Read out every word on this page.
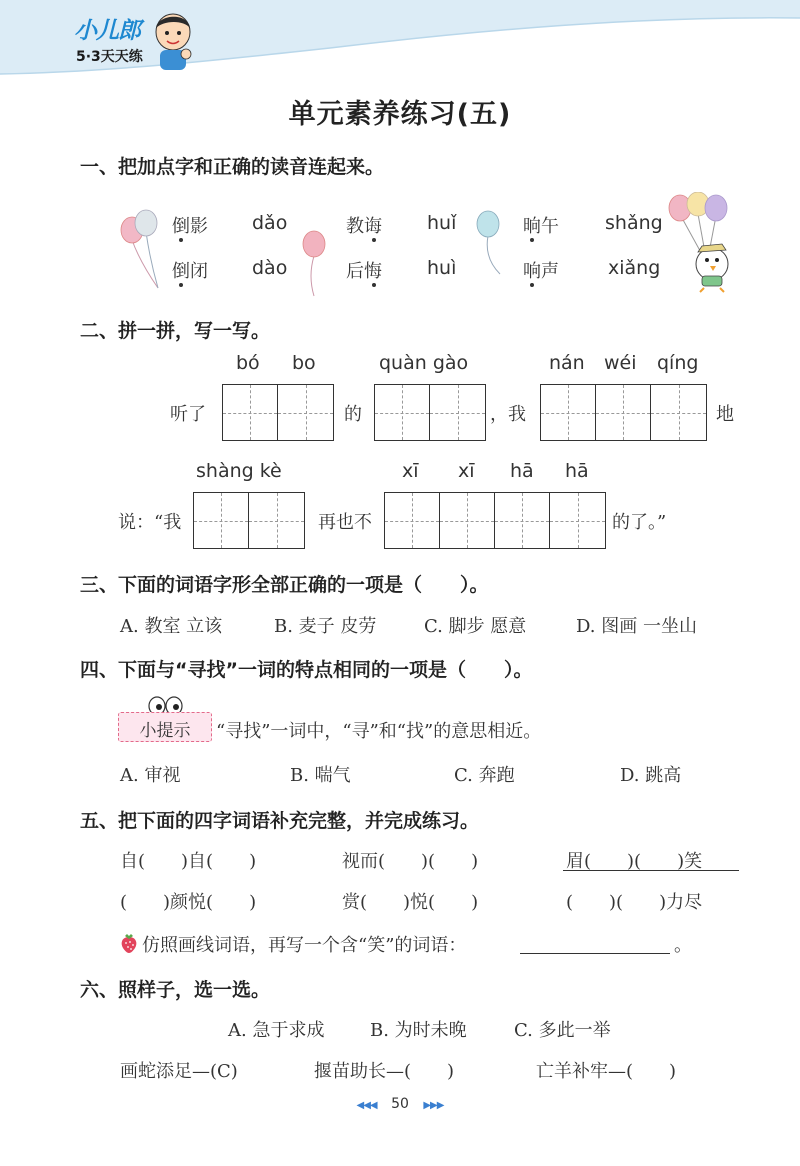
小儿郎
5·3天天练
单元素养练习(五)
一、把加点字和正确的读音连起来。
倒影
倒闭
dǎo
dào
教诲
后悔
huǐ
huì
晌午
响声
shǎng
xiǎng
二、拼一拼，写一写。
bó bo	quàn gào	nán wéi qíng
听了	的	，我	地
shàng kè	xī xī hā hā
说：“我	再也不	的了。”
三、下面的词语字形全部正确的一项是（　　）。
A. 教室 立该	B. 麦子 皮劳	C. 脚步 愿意	D. 图画 一坐山
四、下面与“寻找”一词的特点相同的一项是（　　）。
小提示	“寻找”一词中，“寻”和“找”的意思相近。
A. 审视	B. 喘气	C. 奔跑	D. 跳高
五、把下面的四字词语补充完整，并完成练习。
自(　　)自(　　)	视而(　　)(　　)	眉(　　)(　　)笑
(　　)颜悦(　　)	赏(　　)悦(　　)	(　　)(　　)力尽
仿照画线词语，再写一个含“笑”的词语：	。
六、照样子，选一选。
A. 急于求成	B. 为时未晚	C. 多此一举
画蛇添足—(C)	揠苗助长—(　　)	亡羊补牢—(　　)
◀◀◀ 50 ▶▶▶
